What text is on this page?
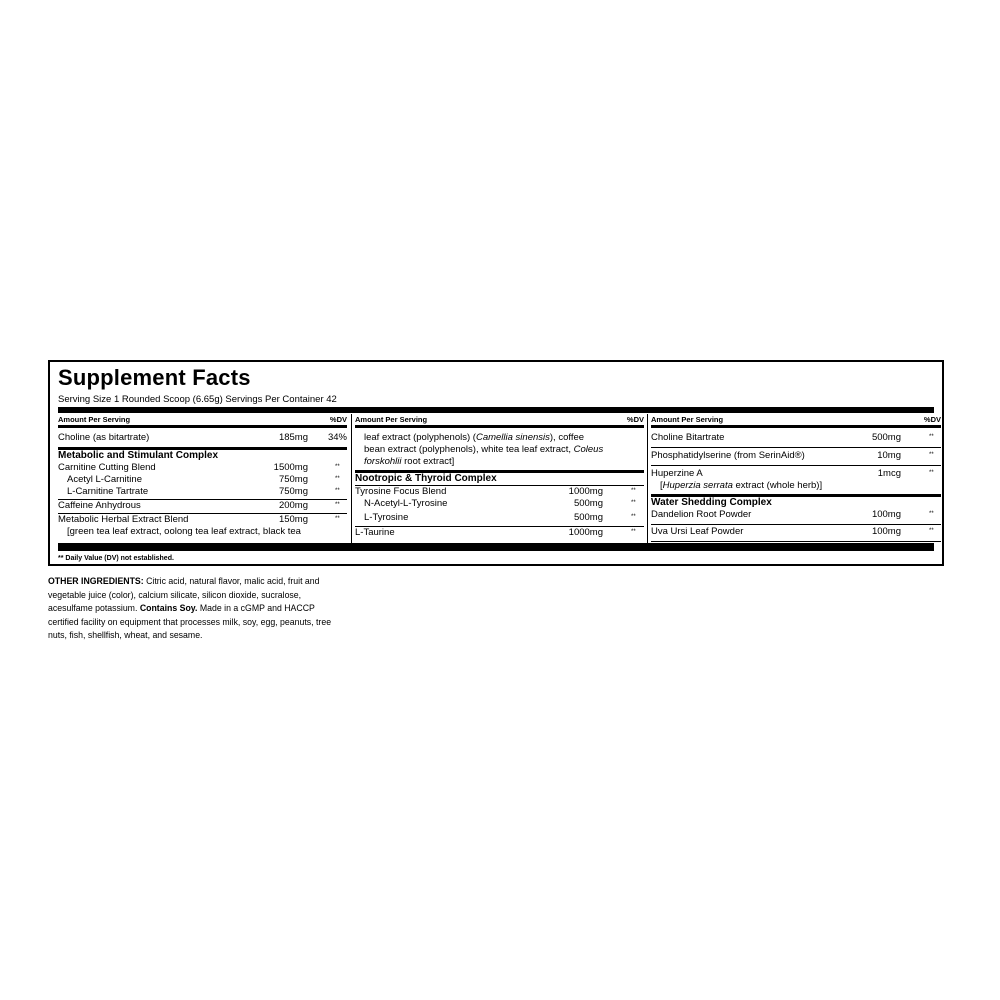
Supplement Facts
Serving Size 1 Rounded Scoop (6.65g) Servings Per Container 42
Amount Per Serving	%DV
Choline (as bitartrate)	185mg 34%
Metabolic and Stimulant Complex
Carnitine Cutting Blend	1500mg	**
Acetyl L-Carnitine	750mg	**
L-Carnitine Tartrate	750mg	**
Caffeine Anhydrous	200mg	**
Metabolic Herbal Extract Blend	150mg	**
[green tea leaf extract, oolong tea leaf extract, black tea
Amount Per Serving	%DV
leaf extract (polyphenols) (Camellia sinensis), coffee
bean extract (polyphenols), white tea leaf extract, Coleus
forskohlii root extract]
Nootropic & Thyroid Complex
Tyrosine Focus Blend	1000mg	**
N-Acetyl-L-Tyrosine	500mg	**
L-Tyrosine	500mg	**
L-Taurine	1000mg	**
Amount Per Serving	%DV
Choline Bitartrate	500mg	**
Phosphatidylserine (from SerinAid®)	10mg	**
Huperzine A	1mcg	**
[Huperzia serrata extract (whole herb)]
Water Shedding Complex
Dandelion Root Powder	100mg	**
Uva Ursi Leaf Powder	100mg	**
** Daily Value (DV) not established.
OTHER INGREDIENTS: Citric acid, natural flavor, malic acid, fruit and vegetable juice (color), calcium silicate, silicon dioxide, sucralose, acesulfame potassium. Contains Soy. Made in a cGMP and HACCP certified facility on equipment that processes milk, soy, egg, peanuts, tree nuts, fish, shellfish, wheat, and sesame.
